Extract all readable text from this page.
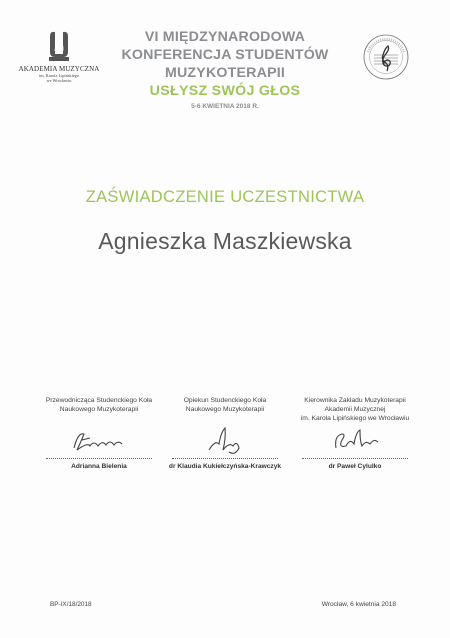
AM
AKADEMIA MUZYCZNA
im. Karola Lipińskiego
we Wrocławiu
VI MIĘDZYNARODOWA
KONFERENCJA STUDENTÓW
MUZYKOTERAPII
USŁYSZ SWÓJ GŁOS
5-6 KWIETNIA 2018 R.
ZAŚWIADCZENIE UCZESTNICTWA
Agnieszka Maszkiewska
Przewodnicząca Studenckiego Koła
Naukowego Muzykoterapii
Adrianna Bielenia
Opiekun Studenckiego Koła
Naukowego Muzykoterapii
dr Klaudia Kukiełczyńska-Krawczyk
Kierownika Zakładu Muzykoterapii
Akademii Muzycznej
im. Karola Lipińskiego we Wrocławiu
dr Paweł Cylulko
BP-IX/18/2018	Wrocław, 6 kwietnia 2018
